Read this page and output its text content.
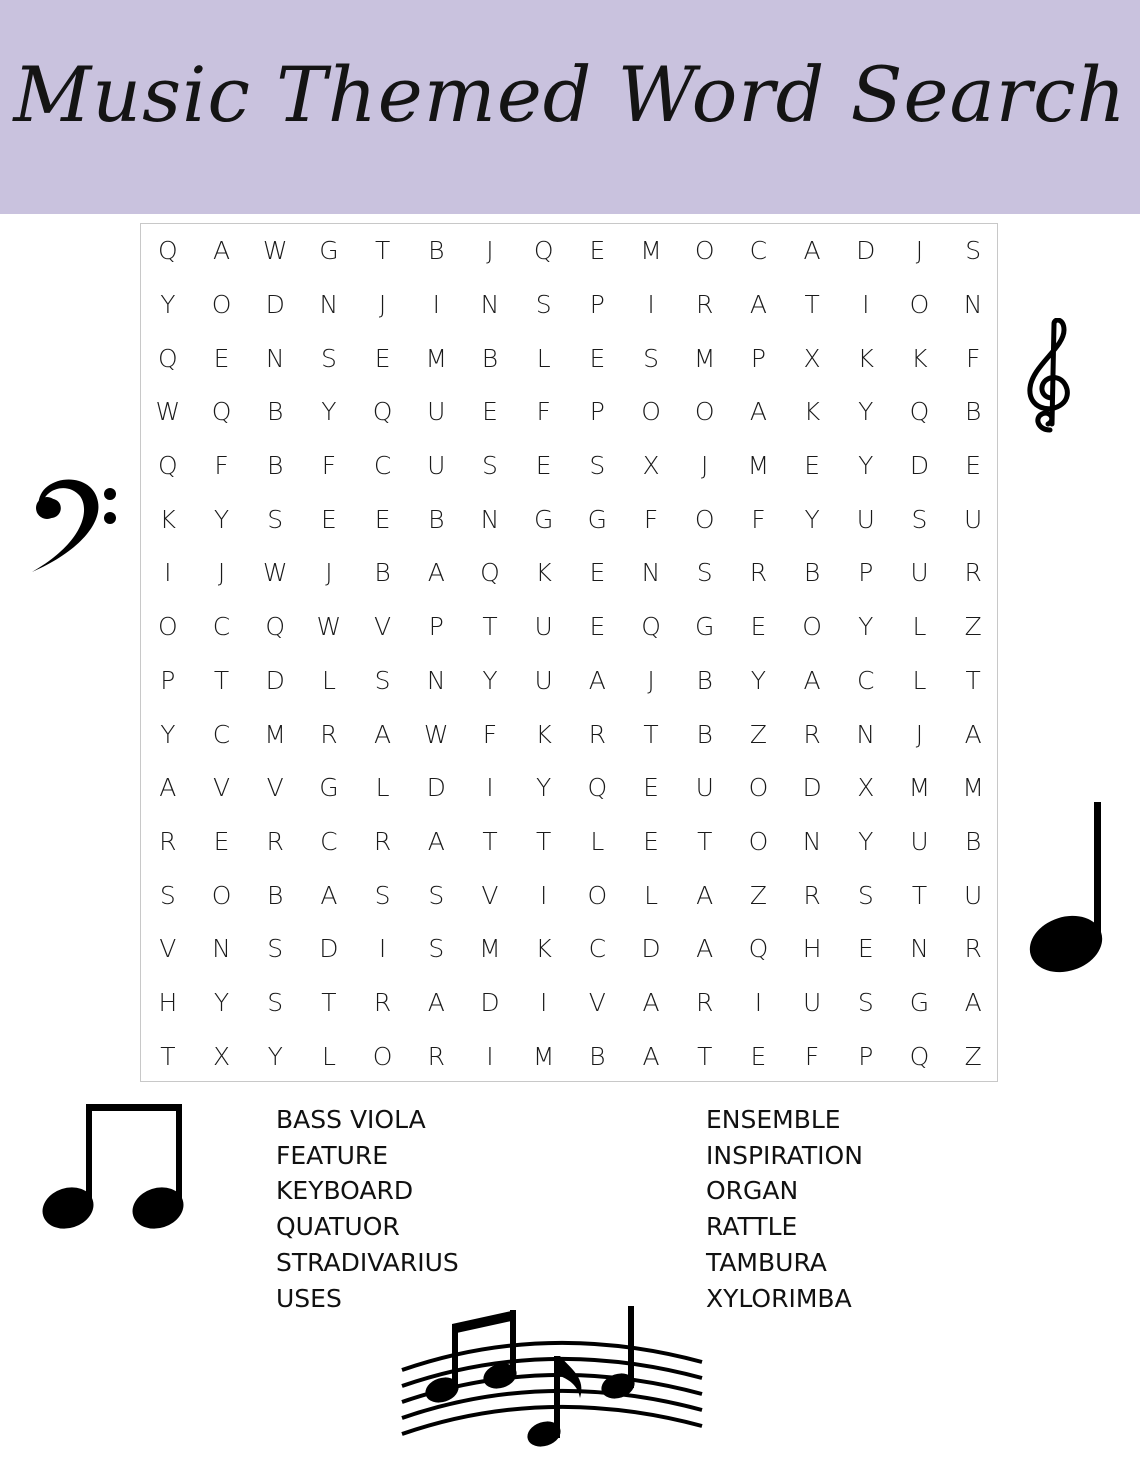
Music Themed Word Search
Q	A	W	G	T	B	J	Q	E	M	O	C	A	D	J	S
Y	O	D	N	J	I	N	S	P	I	R	A	T	I	O	N
Q	E	N	S	E	M	B	L	E	S	M	P	X	K	K	F
W	Q	B	Y	Q	U	E	F	P	O	O	A	K	Y	Q	B
Q	F	B	F	C	U	S	E	S	X	J	M	E	Y	D	E
K	Y	S	E	E	B	N	G	G	F	O	F	Y	U	S	U
I	J	W	J	B	A	Q	K	E	N	S	R	B	P	U	R
O	C	Q	W	V	P	T	U	E	Q	G	E	O	Y	L	Z
P	T	D	L	S	N	Y	U	A	J	B	Y	A	C	L	T
Y	C	M	R	A	W	F	K	R	T	B	Z	R	N	J	A
A	V	V	G	L	D	I	Y	Q	E	U	O	D	X	M	M
R	E	R	C	R	A	T	T	L	E	T	O	N	Y	U	B
S	O	B	A	S	S	V	I	O	L	A	Z	R	S	T	U
V	N	S	D	I	S	M	K	C	D	A	Q	H	E	N	R
H	Y	S	T	R	A	D	I	V	A	R	I	U	S	G	A
T	X	Y	L	O	R	I	M	B	A	T	E	F	P	Q	Z
BASS VIOLA
FEATURE
KEYBOARD
QUATUOR
STRADIVARIUS
USES
ENSEMBLE
INSPIRATION
ORGAN
RATTLE
TAMBURA
XYLORIMBA
